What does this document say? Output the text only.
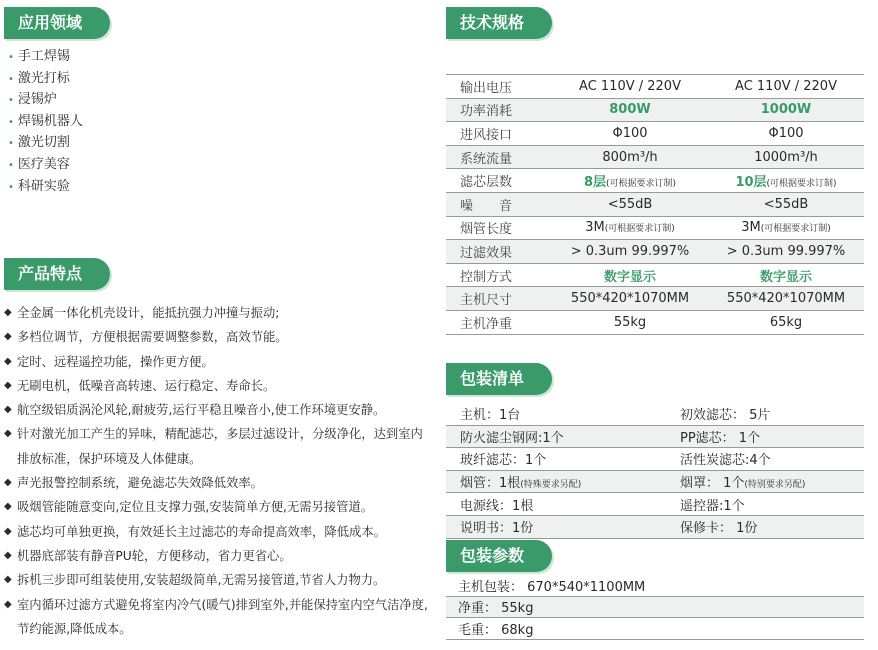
应用领域
产品特点
技术规格
包装清单
包装参数
• 手工焊锡
• 激光打标
• 浸锡炉
• 焊锡机器人
• 激光切割
• 医疗美容
• 科研实验
◆ 全金属一体化机壳设计，能抵抗强力冲撞与振动;
◆ 多档位调节，方便根据需要调整参数，高效节能。
◆ 定时、远程遥控功能，操作更方便。
◆ 无刷电机，低噪音高转速、运行稳定、寿命长。
◆ 航空级铝质涡沦风轮,耐疲劳,运行平稳且噪音小,使工作环境更安静。
◆ 针对激光加工产生的异味，精配滤芯，多层过滤设计，分级净化，达到室内排放标准，保护环境及人体健康。
◆ 声光报警控制系统，避免滤芯失效降低效率。
◆ 吸烟管能随意变向,定位且支撑力强,安装简单方便,无需另接管道。
◆ 滤芯均可单独更换，有效延长主过滤芯的寿命提高效率，降低成本。
◆ 机器底部装有静音PU轮，方便移动，省力更省心。
◆ 拆机三步即可组装使用,安装超级简单,无需另接管道,节省人力物力。
◆ 室内循环过滤方式避免将室内冷气(暖气)排到室外,并能保持室内空气洁净度,节约能源,降低成本。
输出电压	AC 110V / 220V	AC 110V / 220V
功率消耗	800W	1000W
进风接口	Φ100	Φ100
系统流量	800m³/h	1000m³/h
滤芯层数	8层(可根据要求订制)	10层(可根据要求订制)
噪　　音	<55dB	<55dB
烟管长度	3M(可根据要求订制)	3M(可根据要求订制)
过滤效果	> 0.3um 99.997%	> 0.3um 99.997%
控制方式	数字显示	数字显示
主机尺寸	550*420*1070MM	550*420*1070MM
主机净重	55kg	65kg
主机：1台	初效滤芯： 5片
防火滤尘钢网:1个	PP滤芯： 1个
玻纤滤芯：1个	活性炭滤芯:4个
烟管：1根(特殊要求另配)	烟罩： 1个(特别要求另配)
电源线：1根	遥控器:1个
说明书：1份	保修卡： 1份
主机包装： 670*540*1100MM
净重： 55kg
毛重： 68kg
